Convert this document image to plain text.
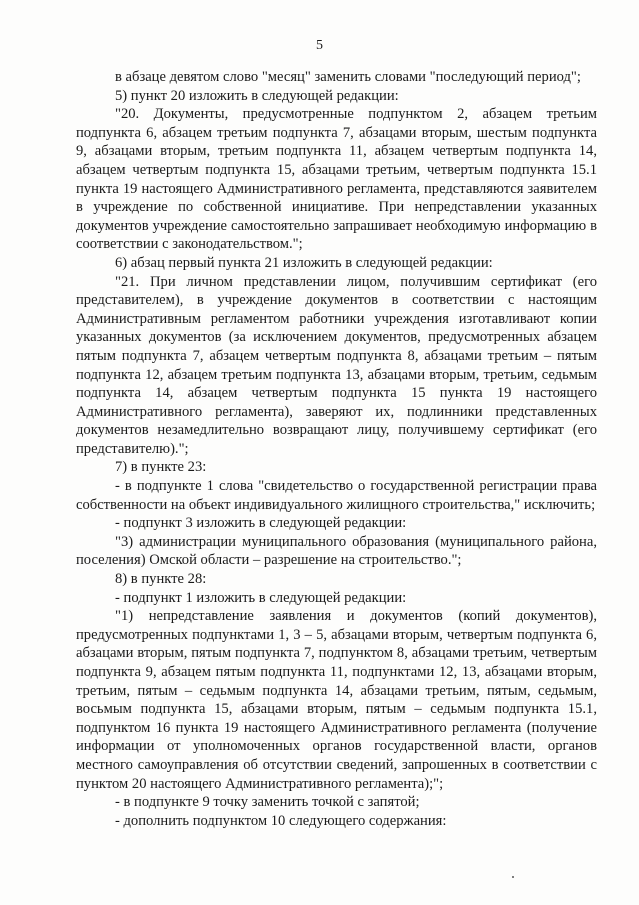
5

в абзаце девятом слово "месяц" заменить словами "последующий период";

5) пункт 20 изложить в следующей редакции:

"20. Документы, предусмотренные подпунктом 2, абзацем третьим подпункта 6, абзацем третьим подпункта 7, абзацами вторым, шестым подпункта 9, абзацами вторым, третьим подпункта 11, абзацем четвертым подпункта 14, абзацем четвертым подпункта 15, абзацами третьим, четвертым подпункта 15.1 пункта 19 настоящего Административного регламента, представляются заявителем в учреждение по собственной инициативе. При непредставлении указанных документов учреждение самостоятельно запрашивает необходимую информацию в соответствии с законодательством.";

6) абзац первый пункта 21 изложить в следующей редакции:

"21. При личном представлении лицом, получившим сертификат (его представителем), в учреждение документов в соответствии с настоящим Административным регламентом работники учреждения изготавливают копии указанных документов (за исключением документов, предусмотренных абзацем пятым подпункта 7, абзацем четвертым подпункта 8, абзацами третьим – пятым подпункта 12, абзацем третьим подпункта 13, абзацами вторым, третьим, седьмым подпункта 14, абзацем четвертым подпункта 15 пункта 19 настоящего Административного регламента), заверяют их, подлинники представленных документов незамедлительно возвращают лицу, получившему сертификат (его представителю).";

7) в пункте 23:

- в подпункте 1 слова "свидетельство о государственной регистрации права собственности на объект индивидуального жилищного строительства," исключить;

- подпункт 3 изложить в следующей редакции:

"3) администрации муниципального образования (муниципального района, поселения) Омской области – разрешение на строительство.";

8) в пункте 28:

- подпункт 1 изложить в следующей редакции:

"1) непредставление заявления и документов (копий документов), предусмотренных подпунктами 1, 3 – 5, абзацами вторым, четвертым подпункта 6, абзацами вторым, пятым подпункта 7, подпунктом 8, абзацами третьим, четвертым подпункта 9, абзацем пятым подпункта 11, подпунктами 12, 13, абзацами вторым, третьим, пятым – седьмым подпункта 14, абзацами третьим, пятым, седьмым, восьмым подпункта 15, абзацами вторым, пятым – седьмым подпункта 15.1, подпунктом 16 пункта 19 настоящего Административного регламента (получение информации от уполномоченных органов государственной власти, органов местного самоуправления об отсутствии сведений, запрошенных в соответствии с пунктом 20 настоящего Административного регламента);";

- в подпункте 9 точку заменить точкой с запятой;

- дополнить подпунктом 10 следующего содержания:
